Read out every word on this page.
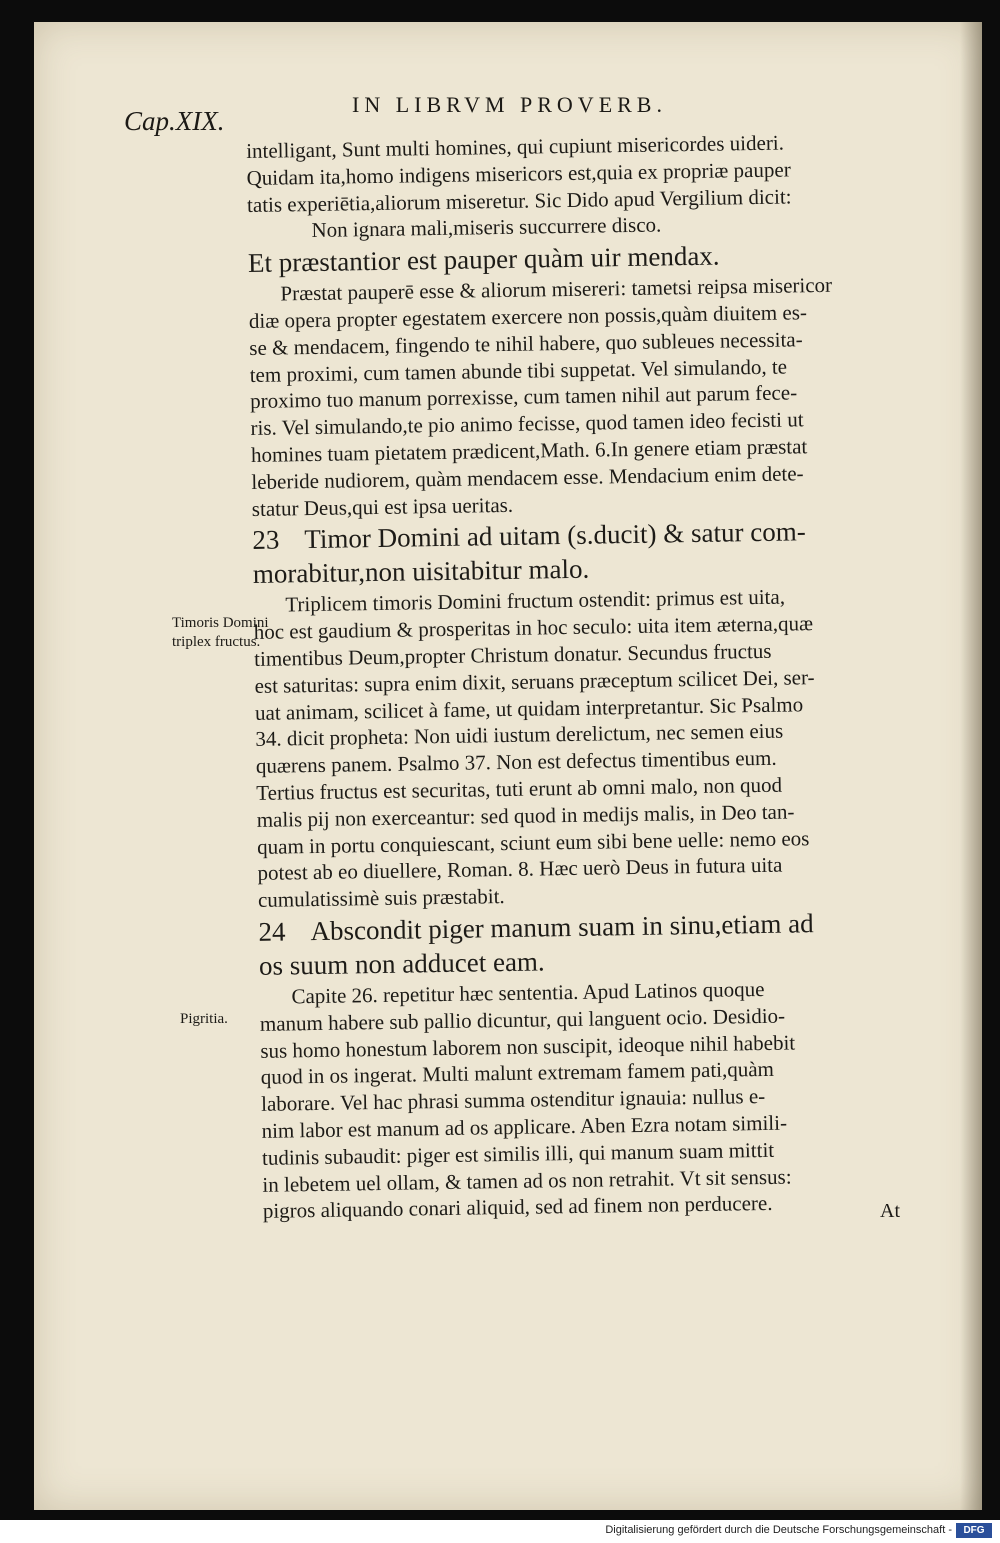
Cap.XIX.
IN LIBRVM PROVERB.
intelligant, Sunt multi homines, qui cupiunt misericordes uideri.
Quidam ita,homo indigens misericors est,quia ex propriæ pauper
tatis experiētia,aliorum miseretur. Sic Dido apud Vergilium dicit:
Non ignara mali,miseris succurrere disco.
Et præstantior est pauper quàm uir mendax.
Præstat pauperē esse & aliorum misereri: tametsi reipsa misericor
diæ opera propter egestatem exercere non possis,quàm diuitem es-
se & mendacem, fingendo te nihil habere, quo subleues necessita-
tem proximi, cum tamen abunde tibi suppetat. Vel simulando, te
proximo tuo manum porrexisse, cum tamen nihil aut parum fece-
ris. Vel simulando,te pio animo fecisse, quod tamen ideo fecisti ut
homines tuam pietatem prædicent,Math. 6.In genere etiam præstat
leberide nudiorem, quàm mendacem esse. Mendacium enim dete-
statur Deus,qui est ipsa ueritas.
23 Timor Domini ad uitam (s.ducit) & satur com-
morabitur,non uisitabitur malo.
Triplicem timoris Domini fructum ostendit: primus est uita,
hoc est gaudium & prosperitas in hoc seculo: uita item æterna,quæ
timentibus Deum,propter Christum donatur. Secundus fructus
est saturitas: supra enim dixit, seruans præceptum scilicet Dei, ser-
uat animam, scilicet à fame, ut quidam interpretantur. Sic Psalmo
34. dicit propheta: Non uidi iustum derelictum, nec semen eius
quærens panem. Psalmo 37. Non est defectus timentibus eum.
Tertius fructus est securitas, tuti erunt ab omni malo, non quod
malis pij non exerceantur: sed quod in medijs malis, in Deo tan-
quam in portu conquiescant, sciunt eum sibi bene uelle: nemo eos
potest ab eo diuellere, Roman. 8. Hæc uerò Deus in futura uita
cumulatissimè suis præstabit.
24 Abscondit piger manum suam in sinu,etiam ad
os suum non adducet eam.
Capite 26. repetitur hæc sententia. Apud Latinos quoque
manum habere sub pallio dicuntur, qui languent ocio. Desidio-
sus homo honestum laborem non suscipit, ideoque nihil habebit
quod in os ingerat. Multi malunt extremam famem pati,quàm
laborare. Vel hac phrasi summa ostenditur ignauia: nullus e-
nim labor est manum ad os applicare. Aben Ezra notam simili-
tudinis subaudit: piger est similis illi, qui manum suam mittit
in lebetem uel ollam, & tamen ad os non retrahit. Vt sit sensus:
pigros aliquando conari aliquid, sed ad finem non perducere.
Timoris Domini triplex fructus.
Pigritia.
At
Digitalisierung gefördert durch die Deutsche Forschungsgemeinschaft -	DFG
